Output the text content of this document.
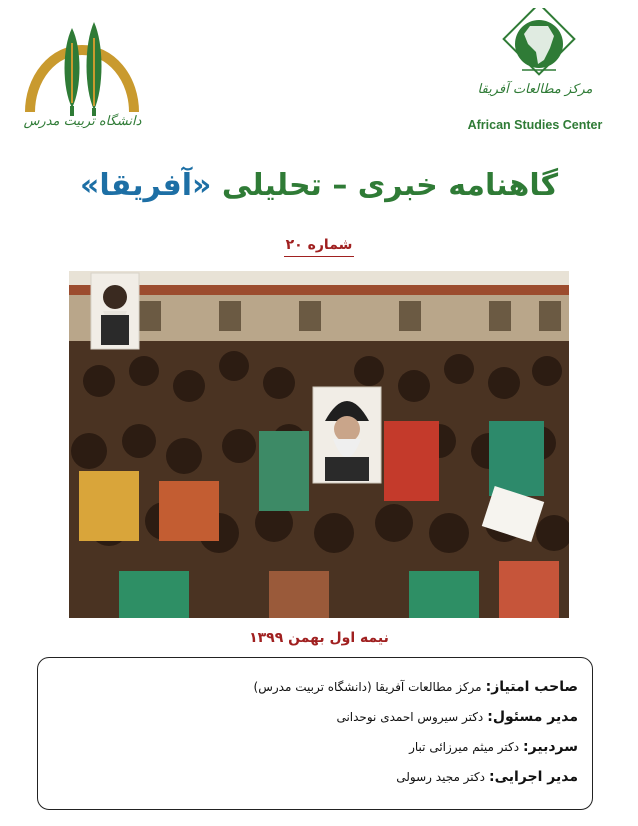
دانشگاه تربیت مدرس
مرکز مطالعات آفریقا
African Studies Center
گاهنامه خبری – تحلیلی «آفریقا»
شماره ۲۰
نیمه اول بهمن ۱۳۹۹
صاحب امتیاز:مرکز مطالعات آفریقا (دانشگاه تربیت مدرس)
مدیر مسئول:دکتر سیروس احمدی نوحدانی
سردبیر:دکتر میثم میرزائی تبار
مدیر اجرایی:دکتر مجید رسولی
